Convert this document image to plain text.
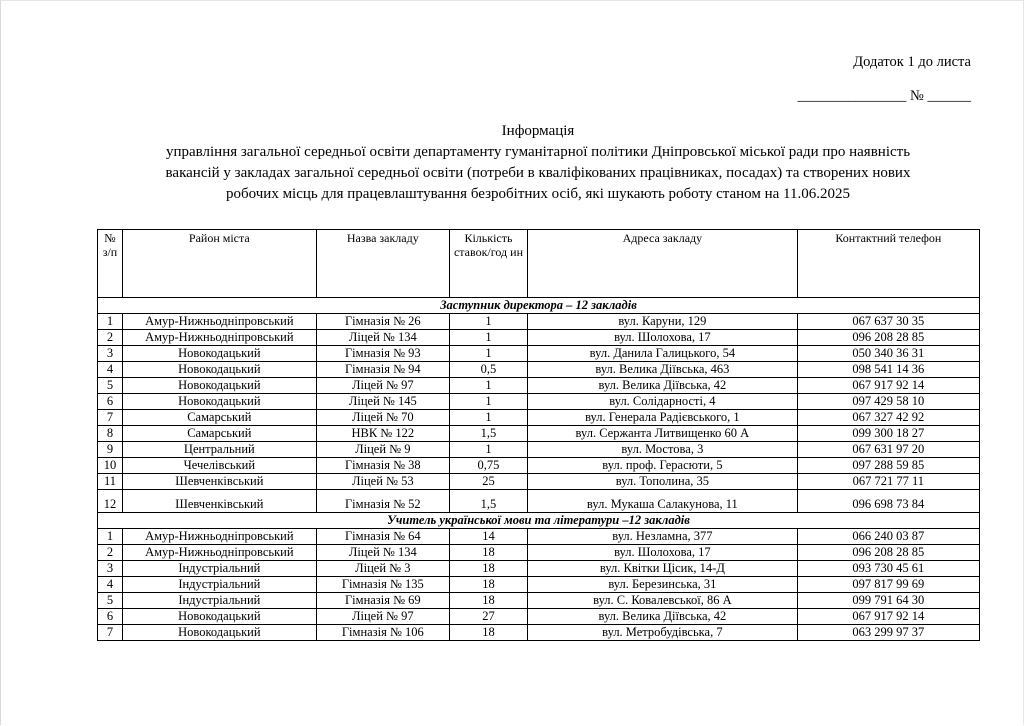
Додаток 1 до листа
_______________ № ______
Інформація
управління загальної середньої освіти департаменту гуманітарної політики Дніпровської міської ради про наявність
вакансій у закладах загальної середньої освіти (потреби в кваліфікованих працівниках, посадах) та створених нових
робочих місць для працевлаштування безробітних осіб, які шукають роботу станом на 11.06.2025
№ з/п	Район міста	Назва закладу	Кількість ставок/год ин	Адреса закладу	Контактний телефон
Заступник директора – 12 закладів					
1	Амур-Нижньодніпровський	Гімназія № 26	1	вул. Каруни, 129	067 637 30 35
2	Амур-Нижньодніпровський	Ліцей № 134	1	вул. Шолохова, 17	096 208 28 85
3	Новокодацький	Гімназія № 93	1	вул. Данила Галицького, 54	050 340 36 31
4	Новокодацький	Гімназія № 94	0,5	вул. Велика Діївська, 463	098 541 14 36
5	Новокодацький	Ліцей № 97	1	вул. Велика Діївська, 42	067 917 92 14
6	Новокодацький	Ліцей № 145	1	вул. Солідарності, 4	097 429 58 10
7	Самарський	Ліцей № 70	1	вул. Генерала Радієвського, 1	067 327 42 92
8	Самарський	НВК № 122	1,5	вул. Сержанта Литвищенко 60 А	099 300 18 27
9	Центральний	Ліцей № 9	1	вул. Мостова, 3	067 631 97 20
10	Чечелівський	Гімназія № 38	0,75	вул. проф. Герасюти, 5	097 288 59 85
11	Шевченківський	Ліцей № 53	25	вул. Тополина, 35	067 721 77 11
12	Шевченківський	Гімназія № 52	1,5	вул. Мукаша Салакунова, 11	096 698 73 84
Учитель української мови та літератури –12 закладів					
1	Амур-Нижньодніпровський	Гімназія № 64	14	вул. Незламна, 377	066 240 03 87
2	Амур-Нижньодніпровський	Ліцей № 134	18	вул. Шолохова, 17	096 208 28 85
3	Індустріальний	Ліцей № 3	18	вул. Квітки Цісик, 14-Д	093 730 45 61
4	Індустріальний	Гімназія № 135	18	вул. Березинська, 31	097 817 99 69
5	Індустріальний	Гімназія № 69	18	вул. С. Ковалевської, 86 А	099 791 64 30
6	Новокодацький	Ліцей № 97	27	вул. Велика Діївська, 42	067 917 92 14
7	Новокодацький	Гімназія № 106	18	вул. Метробудівська, 7	063 299 97 37
